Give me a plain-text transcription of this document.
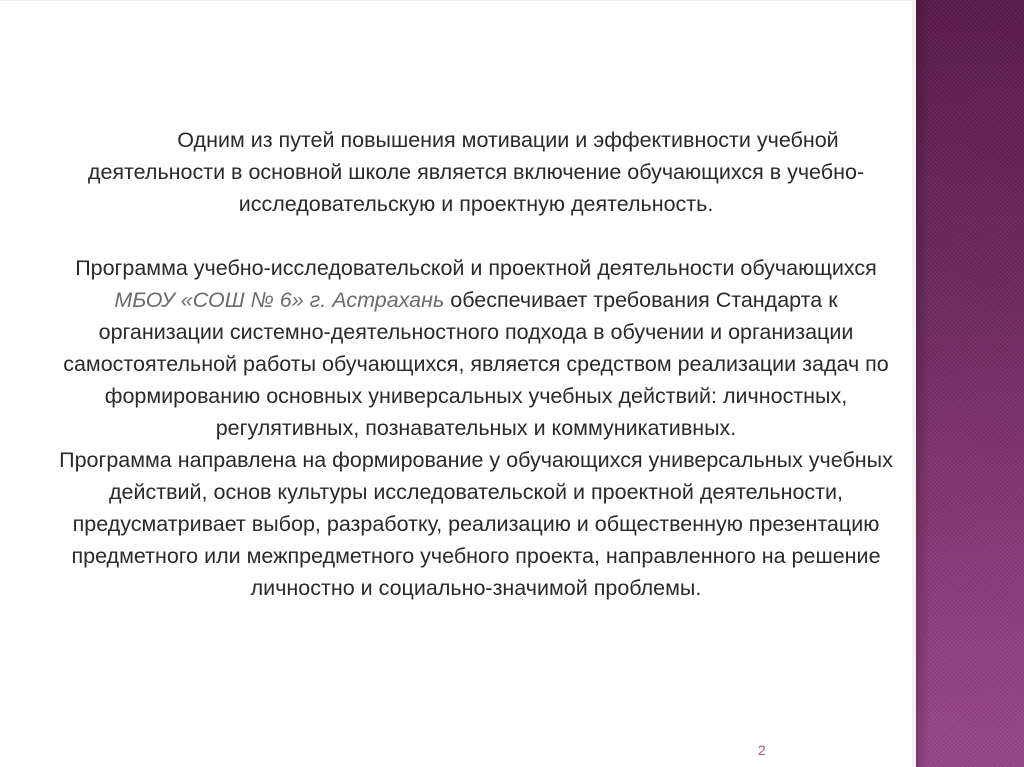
Одним из путей повышения мотивации и эффективности учебной деятельности в основной школе является включение обучающихся в учебно-исследовательскую и проектную деятельность.

Программа учебно-исследовательской и проектной деятельности обучающихся МБОУ «СОШ № 6» г. Астрахань обеспечивает требования Стандарта к организации системно-деятельностного подхода в обучении и организации самостоятельной работы обучающихся, является средством реализации задач по формированию основных универсальных учебных действий: личностных, регулятивных, познавательных и коммуникативных.

Программа направлена на формирование у обучающихся универсальных учебных действий, основ культуры исследовательской и проектной деятельности, предусматривает выбор, разработку, реализацию и общественную презентацию предметного или межпредметного учебного проекта, направленного на решение личностно и социально-значимой проблемы.

2
